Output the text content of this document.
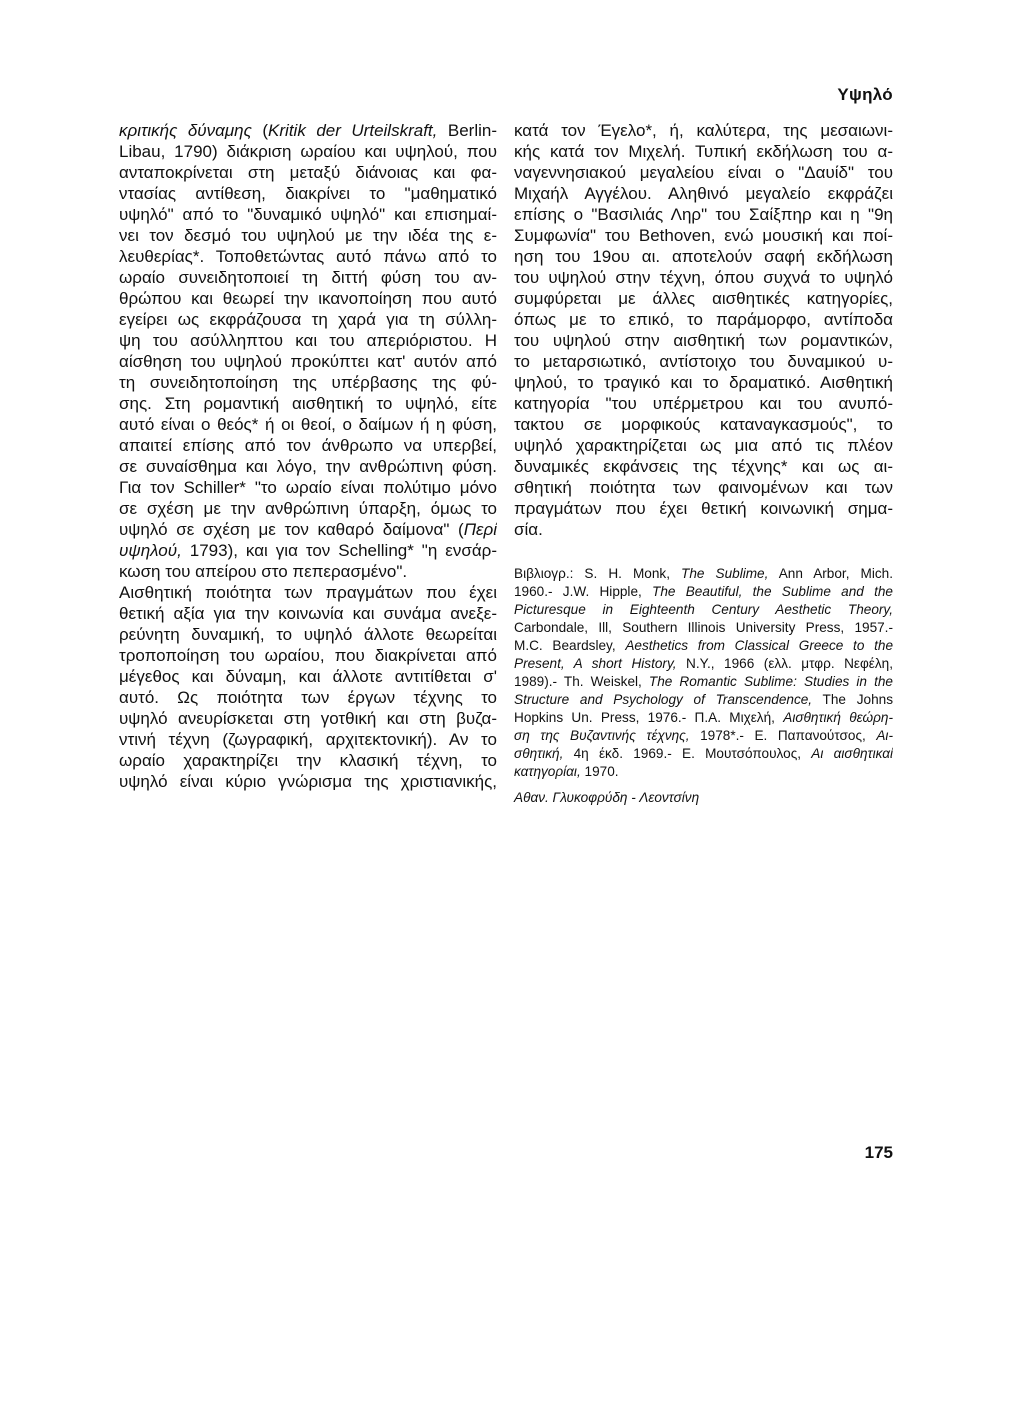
Υψηλό
κριτικής δύναμης (Kritik der Urteilskraft, Berlin-
Libau, 1790) διάκριση ωραίου και υψηλού, που
ανταποκρίνεται στη μεταξύ διάνοιας και φα-
ντασίας αντίθεση, διακρίνει το "μαθηματικό
υψηλό" από το "δυναμικό υψηλό" και επισημαί-
νει τον δεσμό του υψηλού με την ιδέα της ε-
λευθερίας*. Τοποθετώντας αυτό πάνω από το
ωραίο συνειδητοποιεί τη διττή φύση του αν-
θρώπου και θεωρεί την ικανοποίηση που αυτό
εγείρει ως εκφράζουσα τη χαρά για τη σύλλη-
ψη του ασύλληπτου και του απεριόριστου. Η
αίσθηση του υψηλού προκύπτει κατ' αυτόν από
τη συνειδητοποίηση της υπέρβασης της φύ-
σης. Στη ρομαντική αισθητική το υψηλό, είτε
αυτό είναι ο θεός* ή οι θεοί, ο δαίμων ή η φύση,
απαιτεί επίσης από τον άνθρωπο να υπερβεί,
σε συναίσθημα και λόγο, την ανθρώπινη φύση.
Για τον Schiller* "το ωραίο είναι πολύτιμο μόνο
σε σχέση με την ανθρώπινη ύπαρξη, όμως το
υψηλό σε σχέση με τον καθαρό δαίμονα" (Περί
υψηλού, 1793), και για τον Schelling* "η ενσάρ-
κωση του απείρου στο πεπερασμένο".
Αισθητική ποιότητα των πραγμάτων που έχει
θετική αξία για την κοινωνία και συνάμα ανεξε-
ρεύνητη δυναμική, το υψηλό άλλοτε θεωρείται
τροποποίηση του ωραίου, που διακρίνεται από
μέγεθος και δύναμη, και άλλοτε αντιτίθεται σ'
αυτό. Ως ποιότητα των έργων τέχνης το
υψηλό ανευρίσκεται στη γοτθική και στη βυζα-
ντινή τέχνη (ζωγραφική, αρχιτεκτονική). Αν το
ωραίο χαρακτηρίζει την κλασική τέχνη, το
υψηλό είναι κύριο γνώρισμα της χριστιανικής,
κατά τον Έγελο*, ή, καλύτερα, της μεσαιωνι-
κής κατά τον Μιχελή. Τυπική εκδήλωση του α-
ναγεννησιακού μεγαλείου είναι ο "Δαυίδ" του
Μιχαήλ Αγγέλου. Αληθινό μεγαλείο εκφράζει
επίσης ο "Βασιλιάς Ληρ" του Σαίξπηρ και η "9η
Συμφωνία" του Bethoven, ενώ μουσική και ποί-
ηση του 19ου αι. αποτελούν σαφή εκδήλωση
του υψηλού στην τέχνη, όπου συχνά το υψηλό
συμφύρεται με άλλες αισθητικές κατηγορίες,
όπως με το επικό, το παράμορφο, αντίποδα
του υψηλού στην αισθητική των ρομαντικών,
το μεταρσιωτικό, αντίστοιχο του δυναμικού υ-
ψηλού, το τραγικό και το δραματικό. Αισθητική
κατηγορία "του υπέρμετρου και του ανυπό-
τακτου σε μορφικούς καταναγκασμούς", το
υψηλό χαρακτηρίζεται ως μια από τις πλέον
δυναμικές εκφάνσεις της τέχνης* και ως αι-
σθητική ποιότητα των φαινομένων και των
πραγμάτων που έχει θετική κοινωνική σημα-
σία.
Βιβλιογρ.: S. H. Monk, The Sublime, Ann Arbor, Mich.
1960.- J.W. Hipple, The Beautiful, the Sublime and the
Picturesque in Eighteenth Century Aesthetic Theory,
Carbondale, Ill, Southern Illinois University Press, 1957.-
M.C. Beardsley, Aesthetics from Classical Greece to the
Present, A short History, N.Y., 1966 (ελλ. μτφρ. Νεφέλη,
1989).- Th. Weiskel, The Romantic Sublime: Studies in the
Structure and Psychology of Transcendence, The Johns
Hopkins Un. Press, 1976.- Π.Α. Μιχελή, Αισθητική θεώρη-
ση της Βυζαντινής τέχνης, 1978*.- Ε. Παπανούτσος, Αι-
σθητική, 4η έκδ. 1969.- Ε. Μουτσόπουλος, Αι αισθητικαί
κατηγορίαι, 1970.
Αθαν. Γλυκοφρύδη - Λεοντσίνη
175
